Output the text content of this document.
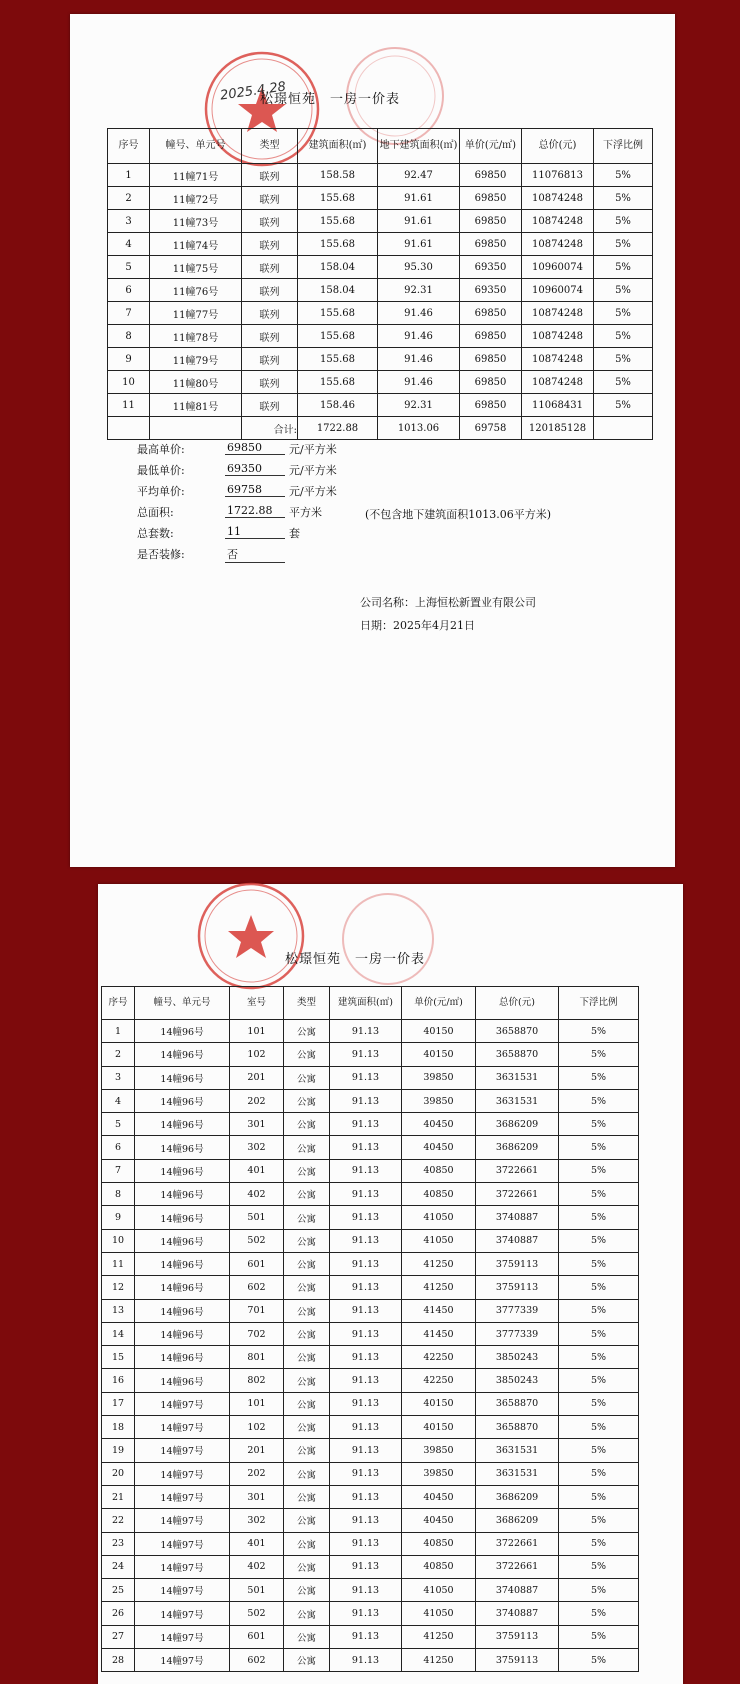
2025.4.28
松璟恒苑　一房一价表
序号	幢号、单元号	类型	建筑面积(㎡)	地下建筑面积(㎡)	单价(元/㎡)	总价(元)	下浮比例
1	11幢71号	联列	158.58	92.47	69850	11076813	5%
2	11幢72号	联列	155.68	91.61	69850	10874248	5%
3	11幢73号	联列	155.68	91.61	69850	10874248	5%
4	11幢74号	联列	155.68	91.61	69850	10874248	5%
5	11幢75号	联列	158.04	95.30	69350	10960074	5%
6	11幢76号	联列	158.04	92.31	69350	10960074	5%
7	11幢77号	联列	155.68	91.46	69850	10874248	5%
8	11幢78号	联列	155.68	91.46	69850	10874248	5%
9	11幢79号	联列	155.68	91.46	69850	10874248	5%
10	11幢80号	联列	155.68	91.46	69850	10874248	5%
11	11幢81号	联列	158.46	92.31	69850	11068431	5%
		合计:	1722.88	1013.06	69758	120185128	
最高单价:	69850	元/平方米
最低单价:	69350	元/平方米
平均单价:	69758	元/平方米
总面积:	1722.88	平方米
总套数:	11	套
是否装修:	否
(不包含地下建筑面积1013.06平方米)
公司名称：上海恒松新置业有限公司
日期：2025年4月21日
松璟恒苑　一房一价表
序号	幢号、单元号	室号	类型	建筑面积(㎡)	单价(元/㎡)	总价(元)	下浮比例
1	14幢96号	101	公寓	91.13	40150	3658870	5%
2	14幢96号	102	公寓	91.13	40150	3658870	5%
3	14幢96号	201	公寓	91.13	39850	3631531	5%
4	14幢96号	202	公寓	91.13	39850	3631531	5%
5	14幢96号	301	公寓	91.13	40450	3686209	5%
6	14幢96号	302	公寓	91.13	40450	3686209	5%
7	14幢96号	401	公寓	91.13	40850	3722661	5%
8	14幢96号	402	公寓	91.13	40850	3722661	5%
9	14幢96号	501	公寓	91.13	41050	3740887	5%
10	14幢96号	502	公寓	91.13	41050	3740887	5%
11	14幢96号	601	公寓	91.13	41250	3759113	5%
12	14幢96号	602	公寓	91.13	41250	3759113	5%
13	14幢96号	701	公寓	91.13	41450	3777339	5%
14	14幢96号	702	公寓	91.13	41450	3777339	5%
15	14幢96号	801	公寓	91.13	42250	3850243	5%
16	14幢96号	802	公寓	91.13	42250	3850243	5%
17	14幢97号	101	公寓	91.13	40150	3658870	5%
18	14幢97号	102	公寓	91.13	40150	3658870	5%
19	14幢97号	201	公寓	91.13	39850	3631531	5%
20	14幢97号	202	公寓	91.13	39850	3631531	5%
21	14幢97号	301	公寓	91.13	40450	3686209	5%
22	14幢97号	302	公寓	91.13	40450	3686209	5%
23	14幢97号	401	公寓	91.13	40850	3722661	5%
24	14幢97号	402	公寓	91.13	40850	3722661	5%
25	14幢97号	501	公寓	91.13	41050	3740887	5%
26	14幢97号	502	公寓	91.13	41050	3740887	5%
27	14幢97号	601	公寓	91.13	41250	3759113	5%
28	14幢97号	602	公寓	91.13	41250	3759113	5%
